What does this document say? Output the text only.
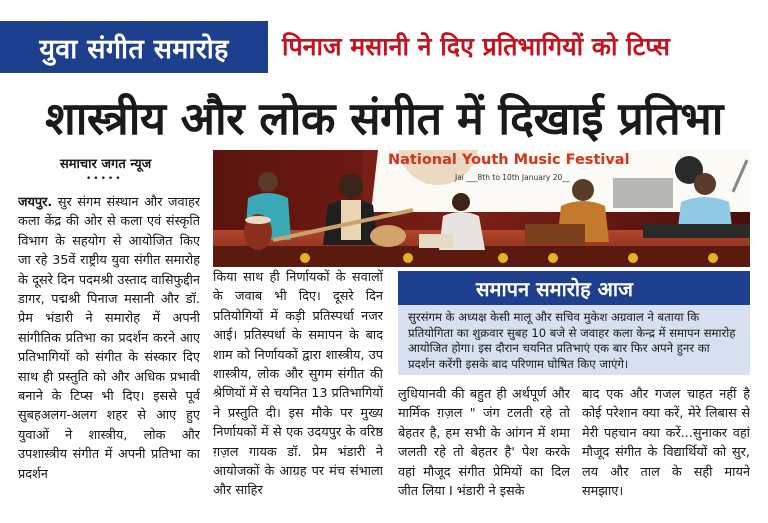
युवा संगीत समारोह	पिनाज मसानी ने दिए प्रतिभागियों को टिप्स
शास्त्रीय और लोक संगीत में दिखाई प्रतिभा
समाचार जगत न्यूज
•••••
जयपुर. सुर संगम संस्थान और जवाहर कला केंद्र की ओर से कला एवं संस्कृति विभाग के सहयोग से आयोजित किए जा रहे 35वें राष्ट्रीय युवा संगीत समारोह के दूसरे दिन पदमश्री उस्ताद वासिफुद्दीन डागर, पद्मश्री पिनाज मसानी और डॉ. प्रेम भंडारी ने समारोह में अपनी सांगीतिक प्रतिभा का प्रदर्शन करने आए प्रतिभागियों को संगीत के संस्कार दिए साथ ही प्रस्तुति को और अधिक प्रभावी बनाने के टिप्स भी दिए। इससे पूर्व सुबहअलग-अलग शहर से आए हुए युवाओं ने शास्त्रीय, लोक और उपशास्त्रीय संगीत में अपनी प्रतिभा का प्रदर्शन
National Youth Music Festival
Jai ___8th to 10th January 20__
किया साथ ही निर्णायकों के सवालों के जवाब भी दिए। दूसरे दिन प्रतियोगियों में कड़ी प्रतिस्पर्धा नजर आई। प्रतिस्पर्धा के समापन के बाद शाम को निर्णायकों द्वारा शास्त्रीय, उप शास्त्रीय, लोक और सुगम संगीत की श्रेणियों में से चयनित 13 प्रतिभागियों ने प्रस्तुति दी। इस मौके पर मुख्य निर्णायकों में से एक उदयपुर के वरिष्ठ ग़ज़ल गायक डॉ. प्रेम भंडारी ने आयोजकों के आग्रह पर मंच संभाला और साहिर
समापन समारोह आज
सुरसंगम के अध्यक्ष केसी मालू और सचिव मुकेश अग्रवाल ने बताया कि प्रतियोगिता का शुक्रवार सुबह 10 बजे से जवाहर कला केन्द्र में समापन समारोह आयोजित होगा। इस दौरान चयनित प्रतिभाएं एक बार फिर अपने हुनर का प्रदर्शन करेंगी इसके बाद परिणाम घोषित किए जाएंगे।
लुधियानवी की बहुत ही अर्थपूर्ण और मार्मिक ग़ज़ल " जंग टलती रहे तो बेहतर है, हम सभी के आंगन में शमा जलती रहे तो बेहतर है' पेश करके वहां मौजूद संगीत प्रेमियों का दिल जीत लिया I भंडारी ने इसके
बाद एक और गजल चाहत नहीं है कोई परेशान क्या करें, मेरे लिबास से मेरी पहचान क्या करें...सुनाकर वहां मौजूद संगीत के विद्यार्थियों को सुर, लय और ताल के सही मायने समझाए।
